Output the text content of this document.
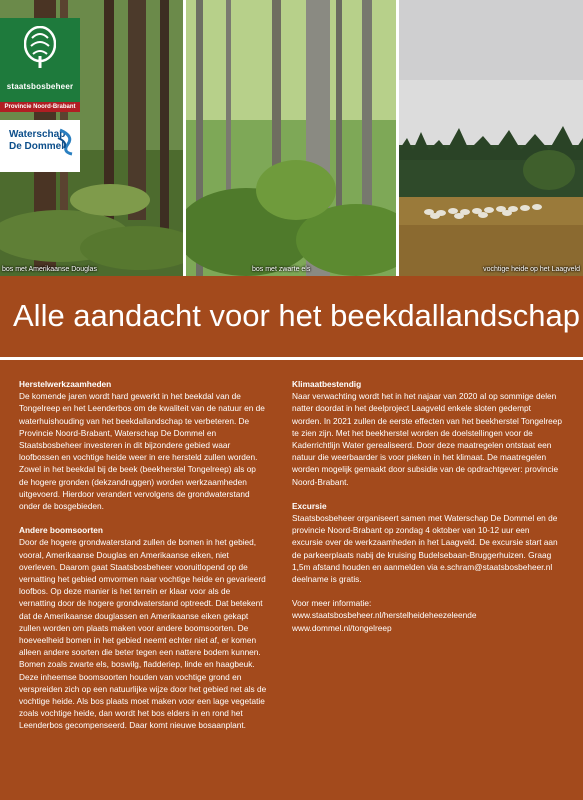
bos met Amerikaanse Douglas	bos met zwarte els	vochtige heide op het Laagveld
staatsbosbeheer
Provincie Noord-Brabant
Waterschap
De Dommel
Alle aandacht voor het beekdallandschap
Herstelwerkzaamheden

De komende jaren wordt hard gewerkt in het beekdal van de Tongelreep en het Leenderbos om de kwaliteit van de natuur en de waterhuishouding van het beekdallandschap te verbeteren. De Provincie Noord-Brabant, Waterschap De Dommel en Staatsbosbeheer investeren in dit bijzondere gebied waar loofbossen en vochtige heide weer in ere hersteld zullen worden. Zowel in het beekdal bij de beek (beekherstel Tongelreep) als op de hogere gronden (dekzandruggen) worden werkzaamheden uitgevoerd. Hierdoor verandert vervolgens de grondwaterstand onder de bosgebieden.

Andere boomsoorten

Door de hogere grondwaterstand zullen de bomen in het gebied, vooral, Amerikaanse Douglas en Amerikaanse eiken, niet overleven. Daarom gaat Staatsbosbeheer vooruitlopend op de vernatting het gebied omvormen naar vochtige heide en gevarieerd loofbos. Op deze manier is het terrein er klaar voor als de vernatting door de hogere grondwaterstand optreedt. Dat betekent dat de Amerikaanse douglassen en Amerikaanse eiken gekapt zullen worden om plaats maken voor andere boomsoorten. De hoeveelheid bomen in het gebied neemt echter niet af, er komen alleen andere soorten die beter tegen een nattere bodem kunnen. Bomen zoals zwarte els, boswilg, fladderiep, linde en haagbeuk. Deze inheemse boomsoorten houden van vochtige grond en verspreiden zich op een natuurlijke wijze door het gebied net als de vochtige heide. Als bos plaats moet maken voor een lage vegetatie zoals vochtige heide, dan wordt het bos elders in en rond het Leenderbos gecompenseerd. Daar komt nieuwe bosaanplant.

Klimaatbestendig

Naar verwachting wordt het in het najaar van 2020 al op sommige delen natter doordat in het deelproject Laagveld enkele sloten gedempt worden. In 2021 zullen de eerste effecten van het beekherstel Tongelreep te zien zijn. Met het beekherstel worden de doelstellingen voor de Kaderrichtlijn Water gerealiseerd. Door deze maatregelen ontstaat een natuur die weerbaarder is voor pieken in het klimaat. De maatregelen worden mogelijk gemaakt door subsidie van de opdrachtgever: provincie Noord-Brabant.

Excursie

Staatsbosbeheer organiseert samen met Waterschap De Dommel en de provincie Noord-Brabant op zondag 4 oktober van 10-12 uur een excursie over de werkzaamheden in het Laagveld. De excursie start aan de parkeerplaats nabij de kruising Budelsebaan-Bruggerhuizen. Graag 1,5m afstand houden en aanmelden via e.schram@staatsbosbeheer.nl deelname is gratis.

Voor meer informatie:

www.staatsbosbeheer.nl/herstelheideheezeleende

www.dommel.nl/tongelreep
